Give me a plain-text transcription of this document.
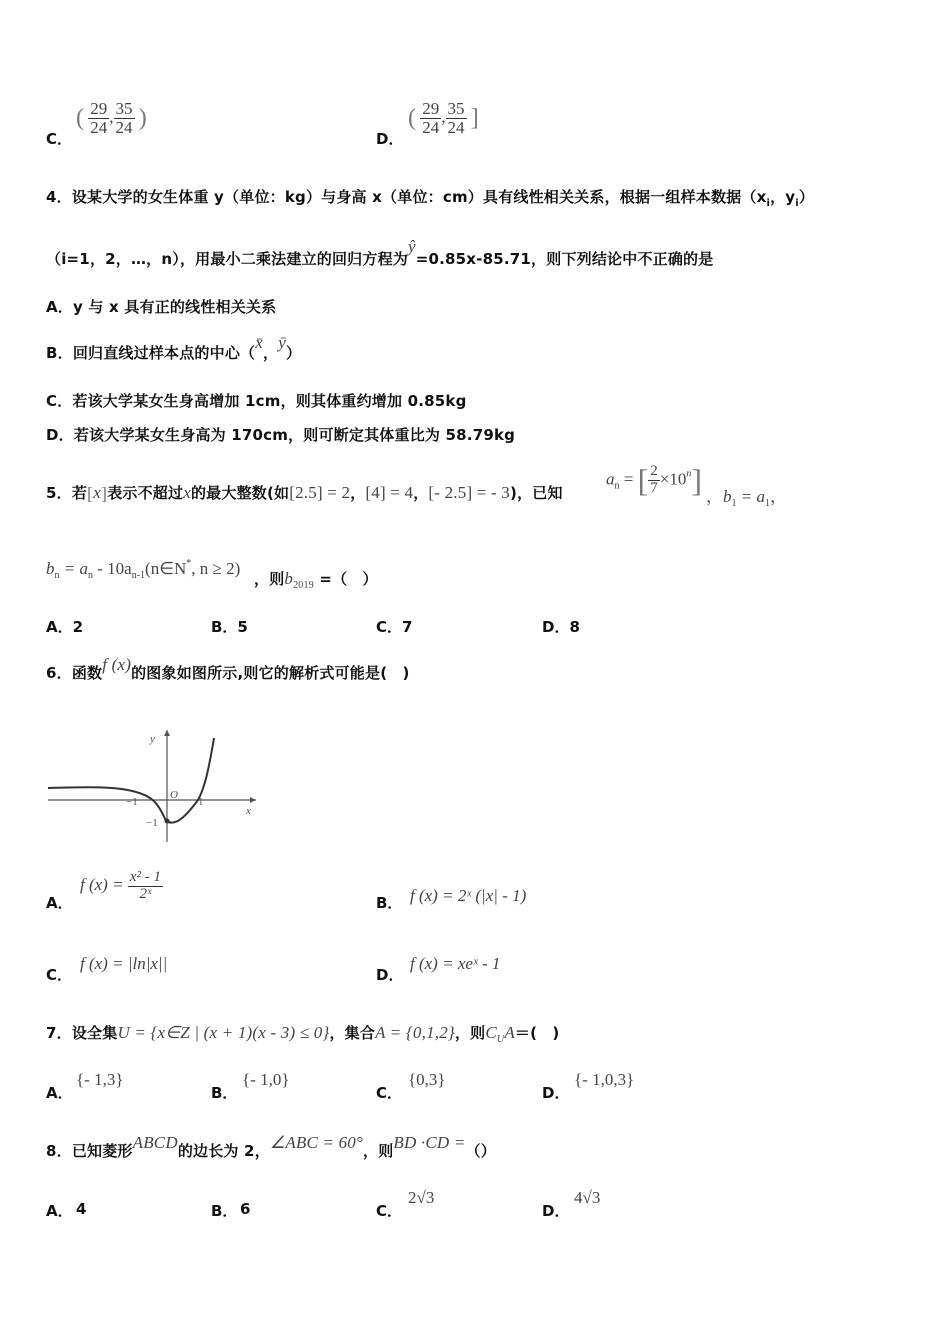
C．
( $\frac{29}{24}$ , $\frac{35}{24}$ )
D．
( $\frac{29}{24}$ , $\frac{35}{24}$ ]
4．设某大学的女生体重 y（单位：kg）与身高 x（单位：cm）具有线性相关关系，根据一组样本数据（$x_i$，$y_i$）
（i=1，2，…，n），用最小二乘法建立的回归方程为ŷ=0.85x-85.71，则下列结论中不正确的是
A．y 与 x 具有正的线性相关关系
B．回归直线过样本点的中心（x̄，ȳ）
C．若该大学某女生身高增加 1cm，则其体重约增加 0.85kg
D．若该大学某女生身高为 170cm，则可断定其体重比为 58.79kg
5．若[x]表示不超过x的最大整数(如[2.5] = 2，[4] = 4，[- 2.5] = - 3)，已知
$a_n$ = [ $\frac{2}{7} \times 10^n$] ，$b_1 = a_1$，
$b_n = a_n$ - $10a_{n-1}(n\in N^*$, n ≥ 2)
，则$b_{2019}$ =（　）
A．2	B．5	C．7	D．8
6．函数f (x)的图象如图所示,则它的解析式可能是(　)
y
x
O
−1	1
−1
A．
f $(x) = \frac{\text{x² - 1}}{\text{2ˣ}}$
B． f (x) = 2ˣ (|x| - 1)
C．
f (x) = |ln|x||
D．
f (x) = xeˣ - 1
7．设全集U = {x∈Z | (x + 1)(x - 3) ≤ 0}，集合A = {0,1,2}，则$C_UA=$(　)
A．
{- 1,3}
B．
{- 1,0}
C．
{0,3}
D．
{- 1,0,3}
8．已知菱形ABCD的边长为 2，∠ABC = 60°，则BD ·CD =（）
A． 4	B． 6	C．
2√3
D．
4√3
